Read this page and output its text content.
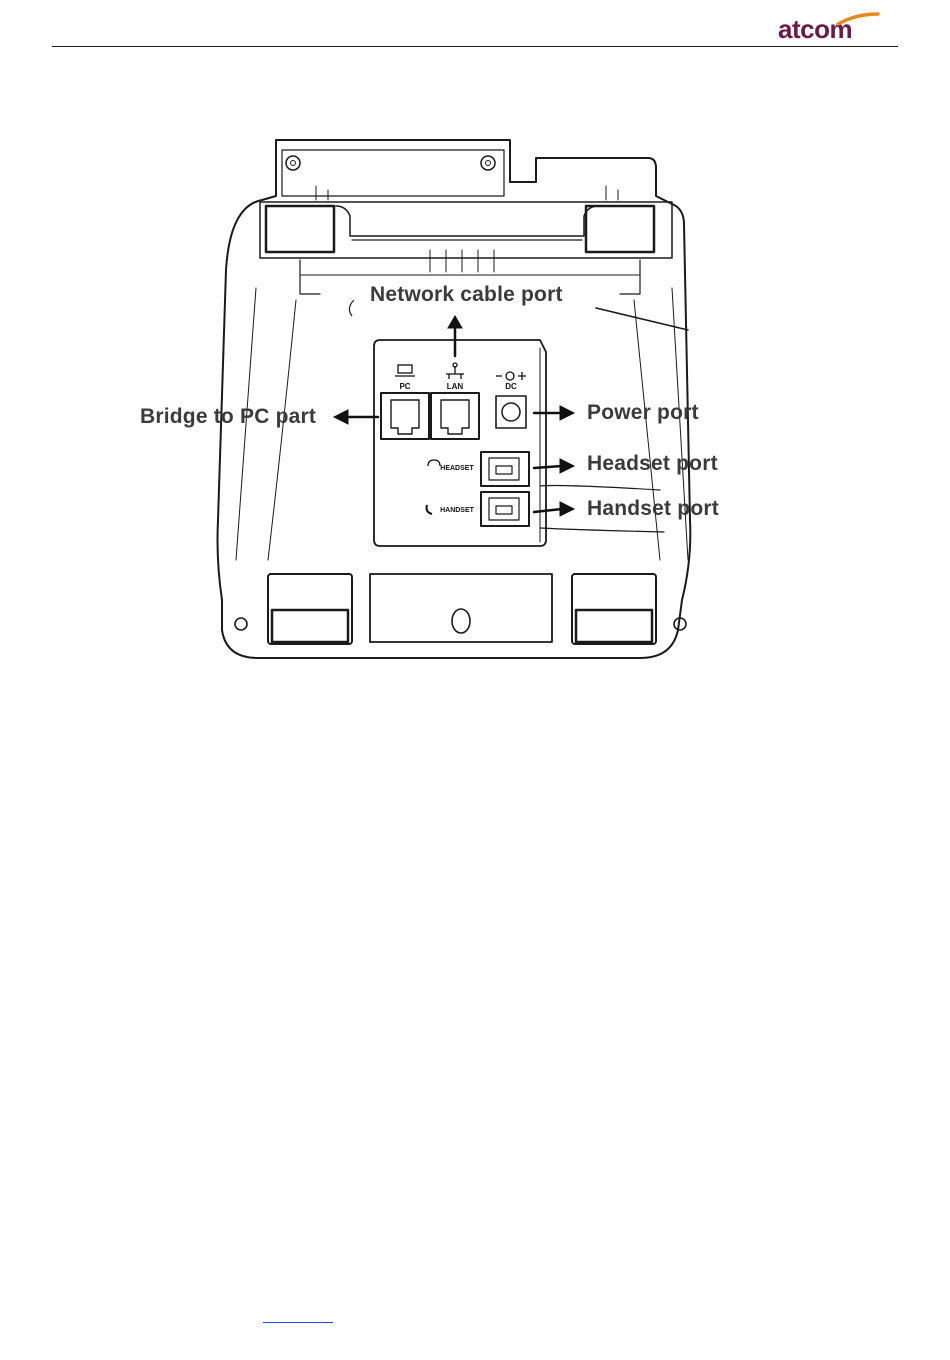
atcom
PC	LAN	DC
HEADSET
HANDSET
Network cable port
Bridge to PC part	Power port
Headset port
Handset port
